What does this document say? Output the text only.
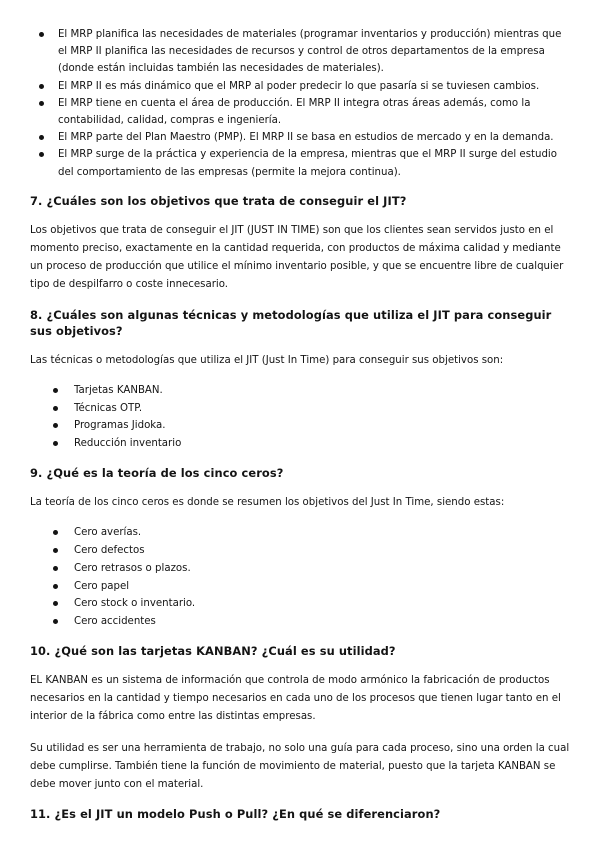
El MRP planifica las necesidades de materiales (programar inventarios y producción) mientras que el MRP II planifica las necesidades de recursos y control de otros departamentos de la empresa (donde están incluidas también las necesidades de materiales).
El MRP II es más dinámico que el MRP al poder predecir lo que pasaría si se tuviesen cambios.
El MRP tiene en cuenta el área de producción. El MRP II integra otras áreas además, como la contabilidad, calidad, compras e ingeniería.
El MRP parte del Plan Maestro (PMP). El MRP II se basa en estudios de mercado y en la demanda.
El MRP surge de la práctica y experiencia de la empresa, mientras que el MRP II surge del estudio del comportamiento de las empresas (permite la mejora continua).
7. ¿Cuáles son los objetivos que trata de conseguir el JIT?

Los objetivos que trata de conseguir el JIT (JUST IN TIME) son que los clientes sean servidos justo en el momento preciso, exactamente en la cantidad requerida, con productos de máxima calidad y mediante un proceso de producción que utilice el mínimo inventario posible, y que se encuentre libre de cualquier tipo de despilfarro o coste innecesario.

8. ¿Cuáles son algunas técnicas y metodologías que utiliza el JIT para conseguir sus objetivos?

Las técnicas o metodologías que utiliza el JIT (Just In Time) para conseguir sus objetivos son:

Tarjetas KANBAN.
Técnicas OTP.
Programas Jidoka.
Reducción inventario
9. ¿Qué es la teoría de los cinco ceros?

La teoría de los cinco ceros es donde se resumen los objetivos del Just In Time, siendo estas:

Cero averías.
Cero defectos
Cero retrasos o plazos.
Cero papel
Cero stock o inventario.
Cero accidentes
10. ¿Qué son las tarjetas KANBAN? ¿Cuál es su utilidad?

EL KANBAN es un sistema de información que controla de modo armónico la fabricación de productos necesarios en la cantidad y tiempo necesarios en cada uno de los procesos que tienen lugar tanto en el interior de la fábrica como entre las distintas empresas.

Su utilidad es ser una herramienta de trabajo, no solo una guía para cada proceso, sino una orden la cual debe cumplirse. También tiene la función de movimiento de material, puesto que la tarjeta KANBAN se debe mover junto con el material.

11. ¿Es el JIT un modelo Push o Pull? ¿En qué se diferenciaron?
